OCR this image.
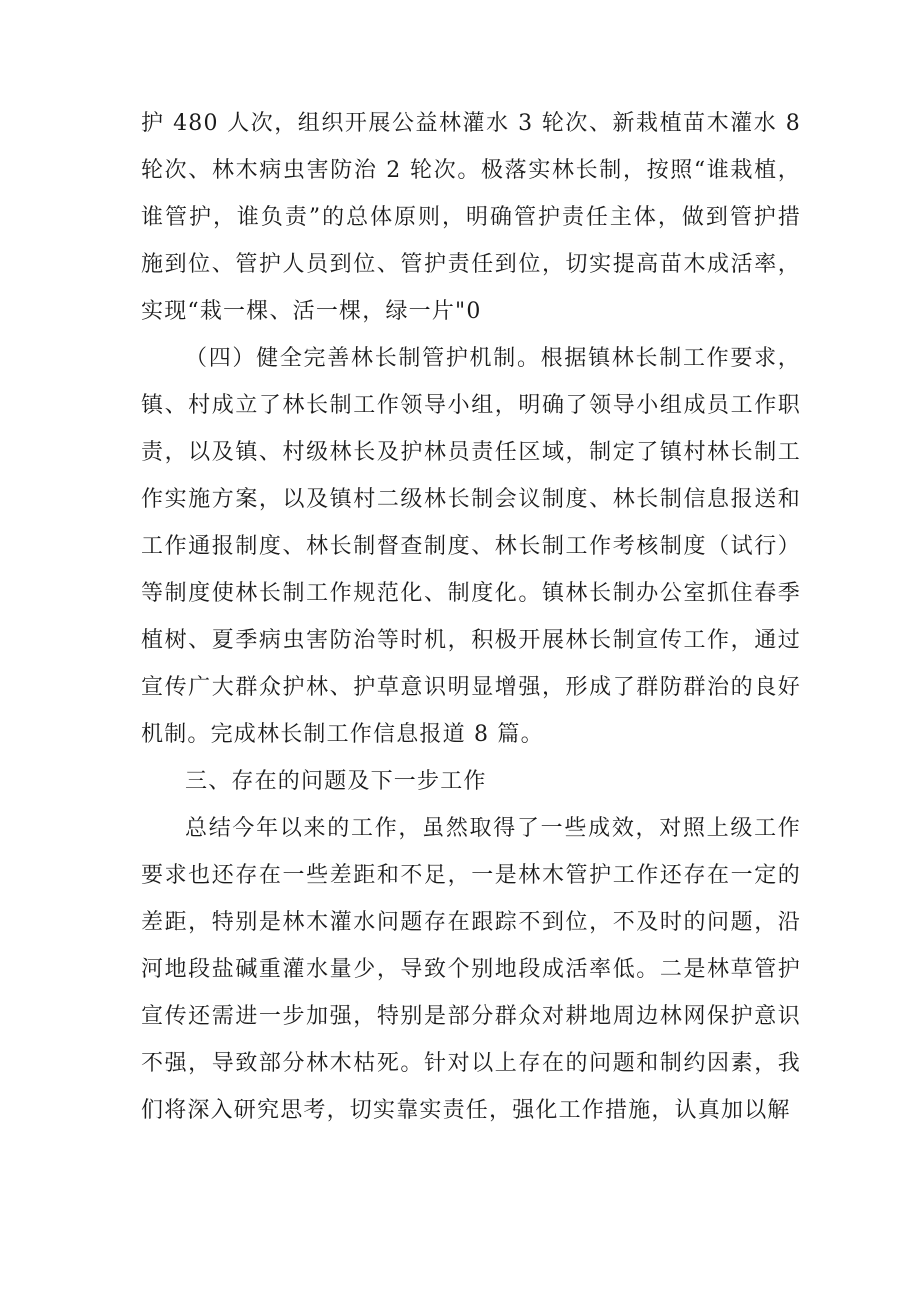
护 480 人次，组织开展公益林灌水 3 轮次、新栽植苗木灌水 8 轮次、林木病虫害防治 2 轮次。极落实林长制，按照“谁栽植，谁管护，谁负责”的总体原则，明确管护责任主体，做到管护措施到位、管护人员到位、管护责任到位，切实提高苗木成活率，实现“栽一棵、活一棵，绿一片"0

（四）健全完善林长制管护机制。根据镇林长制工作要求，镇、村成立了林长制工作领导小组，明确了领导小组成员工作职责，以及镇、村级林长及护林员责任区域，制定了镇村林长制工作实施方案，以及镇村二级林长制会议制度、林长制信息报送和工作通报制度、林长制督查制度、林长制工作考核制度（试行）等制度使林长制工作规范化、制度化。镇林长制办公室抓住春季植树、夏季病虫害防治等时机，积极开展林长制宣传工作，通过宣传广大群众护林、护草意识明显增强，形成了群防群治的良好机制。完成林长制工作信息报道 8 篇。

三、存在的问题及下一步工作

总结今年以来的工作，虽然取得了一些成效，对照上级工作要求也还存在一些差距和不足，一是林木管护工作还存在一定的差距，特别是林木灌水问题存在跟踪不到位，不及时的问题，沿河地段盐碱重灌水量少，导致个别地段成活率低。二是林草管护宣传还需进一步加强，特别是部分群众对耕地周边林网保护意识不强，导致部分林木枯死。针对以上存在的问题和制约因素，我们将深入研究思考，切实靠实责任，强化工作措施，认真加以解
